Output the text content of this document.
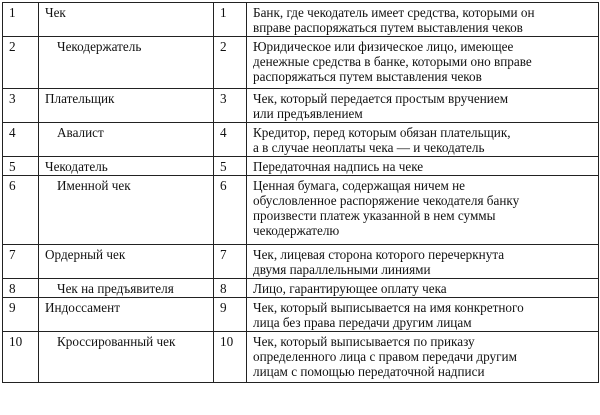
1	Чек	1	Банк, где чекодатель имеет средства, которыми он
вправе распоряжаться путем выставления чеков

2	Чекодержатель	2	Юридическое или физическое лицо, имеющее
денежные средства в банке, которыми оно вправе
распоряжаться путем выставления чеков

3	Плательщик	3	Чек, который передается простым вручением
или предъявлением

4	Авалист	4	Кредитор, перед которым обязан плательщик,
а в случае неоплаты чека — и чекодатель

5	Чекодатель	5	Передаточная надпись на чеке

6	Именной чек	6	Ценная бумага, содержащая ничем не
обусловленное распоряжение чекодателя банку
произвести платеж указанной в нем суммы
чекодержателю

7	Ордерный чек	7	Чек, лицевая сторона которого перечеркнута
двумя параллельными линиями

8	Чек на предъявителя	8	Лицо, гарантирующее оплату чека

9	Индоссамент	9	Чек, который выписывается на имя конкретного
лица без права передачи другим лицам

10	Кроссированный чек	10	Чек, который выписывается по приказу
определенного лица с правом передачи другим
лицам с помощью передаточной надписи
